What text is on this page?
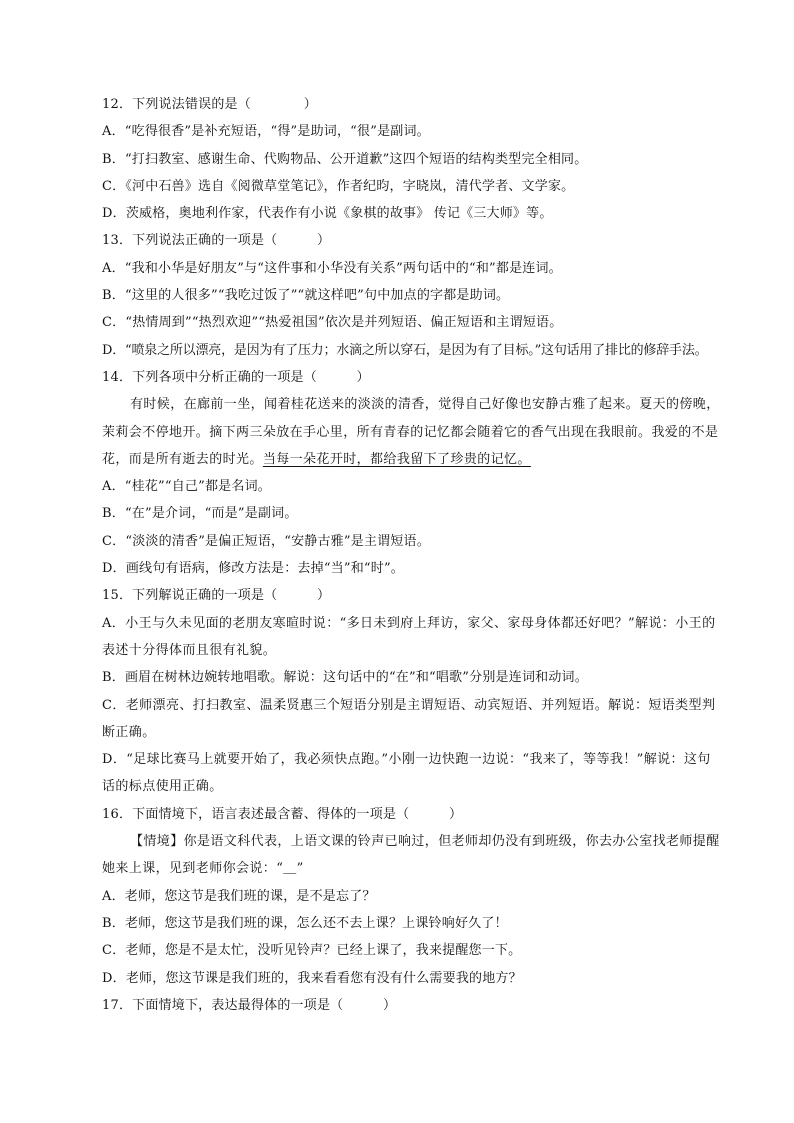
12．下列说法错误的是（　　　　）
A．“吃得很香”是补充短语，“得”是助词，“很”是副词。
B．“打扫教室、感谢生命、代购物品、公开道歉”这四个短语的结构类型完全相同。
C．《河中石兽》选自《阅微草堂笔记》，作者纪昀，字晓岚，清代学者、文学家。
D．茨威格，奥地利作家，代表作有小说《象棋的故事》 传记《三大师》等。
13．下列说法正确的一项是（　　　）
A．“我和小华是好朋友”与“这件事和小华没有关系”两句话中的“和”都是连词。
B．“这里的人很多”“我吃过饭了”“就这样吧”句中加点的字都是助词。
C．“热情周到”“热烈欢迎”“热爱祖国”依次是并列短语、偏正短语和主谓短语。
D．“喷泉之所以漂亮，是因为有了压力；水滴之所以穿石，是因为有了目标。”这句话用了排比的修辞手法。
14．下列各项中分析正确的一项是（　　　）
有时候，在廊前一坐，闻着桂花送来的淡淡的清香，觉得自己好像也安静古雅了起来。夏天的傍晚，茉莉会不停地开。摘下两三朵放在手心里，所有青春的记忆都会随着它的香气出现在我眼前。我爱的不是花，而是所有逝去的时光。当每一朵花开时，都给我留下了珍贵的记忆。
A．“桂花”“自己”都是名词。
B．“在”是介词，“而是”是副词。
C．“淡淡的清香”是偏正短语，“安静古雅”是主谓短语。
D．画线句有语病，修改方法是：去掉“当”和“时”。
15．下列解说正确的一项是（　　　）
A．小王与久未见面的老朋友寒暄时说：“多日未到府上拜访，家父、家母身体都还好吧？”解说：小王的表述十分得体而且很有礼貌。
B．画眉在树林边婉转地唱歌。解说：这句话中的“在”和“唱歌”分别是连词和动词。
C．老师漂亮、打扫教室、温柔贤惠三个短语分别是主谓短语、动宾短语、并列短语。解说：短语类型判断正确。
D．“足球比赛马上就要开始了，我必须快点跑。”小刚一边快跑一边说：“我来了，等等我！”解说：这句话的标点使用正确。
16．下面情境下，语言表述最含蓄、得体的一项是（　　　）
【情境】你是语文科代表，上语文课的铃声已响过，但老师却仍没有到班级，你去办公室找老师提醒她来上课，见到老师你会说：“＿”
A．老师，您这节是我们班的课，是不是忘了？
B．老师，您这节是我们班的课，怎么还不去上课？上课铃响好久了！
C．老师，您是不是太忙，没听见铃声？已经上课了，我来提醒您一下。
D．老师，您这节课是我们班的，我来看看您有没有什么需要我的地方？
17．下面情境下，表达最得体的一项是（　　　）
